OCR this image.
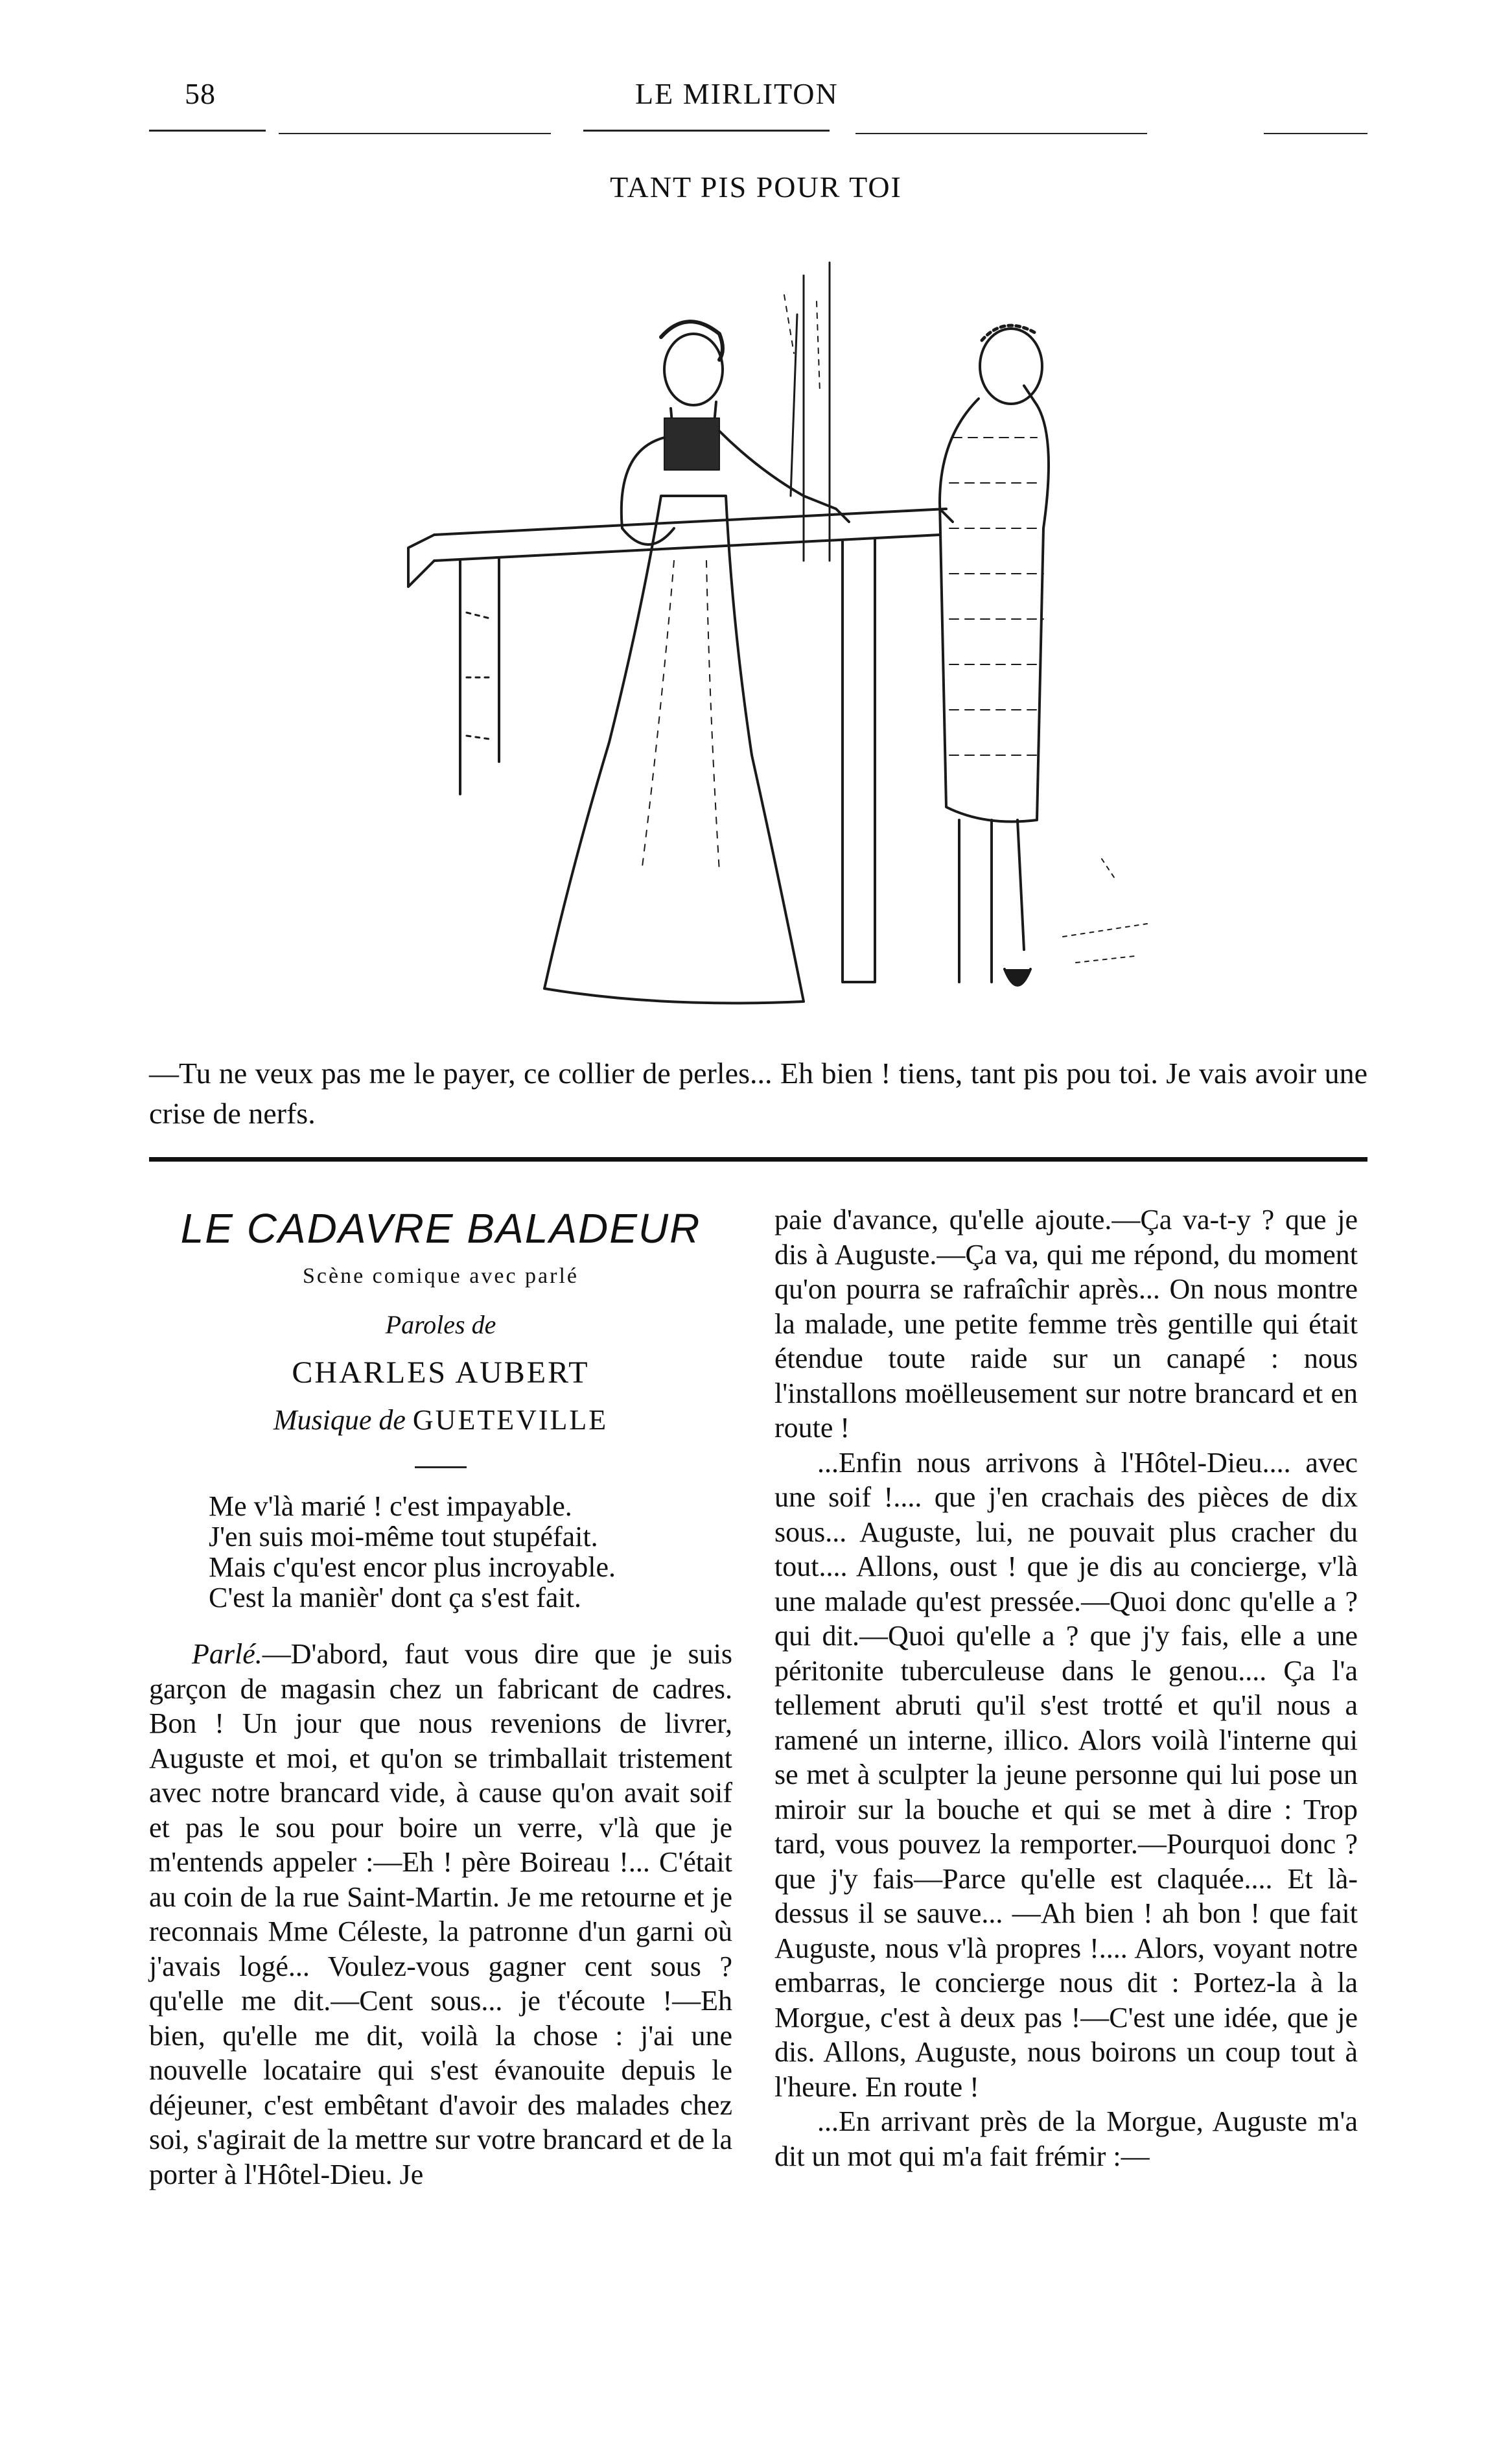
58	LE MIRLITON
TANT PIS POUR TOI
—Tu ne veux pas me le payer, ce collier de perles... Eh bien ! tiens, tant pis pou toi. Je vais avoir une crise de nerfs.
LE CADAVRE BALADEUR
Scène comique avec parlé
Paroles de
CHARLES AUBERT
Musique de GUETEVILLE
Me v'là marié ! c'est impayable.
J'en suis moi-même tout stupéfait.
Mais c'qu'est encor plus incroyable.
C'est la manièr' dont ça s'est fait.

Parlé.—D'abord, faut vous dire que je suis garçon de magasin chez un fabricant de cadres. Bon ! Un jour que nous revenions de livrer, Auguste et moi, et qu'on se trimballait tristement avec notre brancard vide, à cause qu'on avait soif et pas le sou pour boire un verre, v'là que je m'entends appeler :—Eh ! père Boireau !... C'était au coin de la rue Saint-Martin. Je me retourne et je reconnais Mme Céleste, la patronne d'un garni où j'avais logé... Voulez-vous gagner cent sous ? qu'elle me dit.—Cent sous... je t'écoute !—Eh bien, qu'elle me dit, voilà la chose : j'ai une nouvelle locataire qui s'est évanouite depuis le déjeuner, c'est embêtant d'avoir des malades chez soi, s'agirait de la mettre sur votre brancard et de la porter à l'Hôtel-Dieu. Je

paie d'avance, qu'elle ajoute.—Ça va-t-y ? que je dis à Auguste.—Ça va, qui me répond, du moment qu'on pourra se rafraîchir après... On nous montre la malade, une petite femme très gentille qui était étendue toute raide sur un canapé : nous l'installons moëlleusement sur notre brancard et en route !

...Enfin nous arrivons à l'Hôtel-Dieu.... avec une soif !.... que j'en crachais des pièces de dix sous... Auguste, lui, ne pouvait plus cracher du tout.... Allons, oust ! que je dis au concierge, v'là une malade qu'est pressée.—Quoi donc qu'elle a ? qui dit.—Quoi qu'elle a ? que j'y fais, elle a une péritonite tuberculeuse dans le genou.... Ça l'a tellement abruti qu'il s'est trotté et qu'il nous a ramené un interne, illico. Alors voilà l'interne qui se met à sculpter la jeune personne qui lui pose un miroir sur la bouche et qui se met à dire : Trop tard, vous pouvez la remporter.—Pourquoi donc ? que j'y fais—Parce qu'elle est claquée.... Et là-dessus il se sauve... —Ah bien ! ah bon ! que fait Auguste, nous v'là propres !.... Alors, voyant notre embarras, le concierge nous dit : Portez-la à la Morgue, c'est à deux pas !—C'est une idée, que je dis. Allons, Auguste, nous boirons un coup tout à l'heure. En route !

...En arrivant près de la Morgue, Auguste m'a dit un mot qui m'a fait frémir :—
